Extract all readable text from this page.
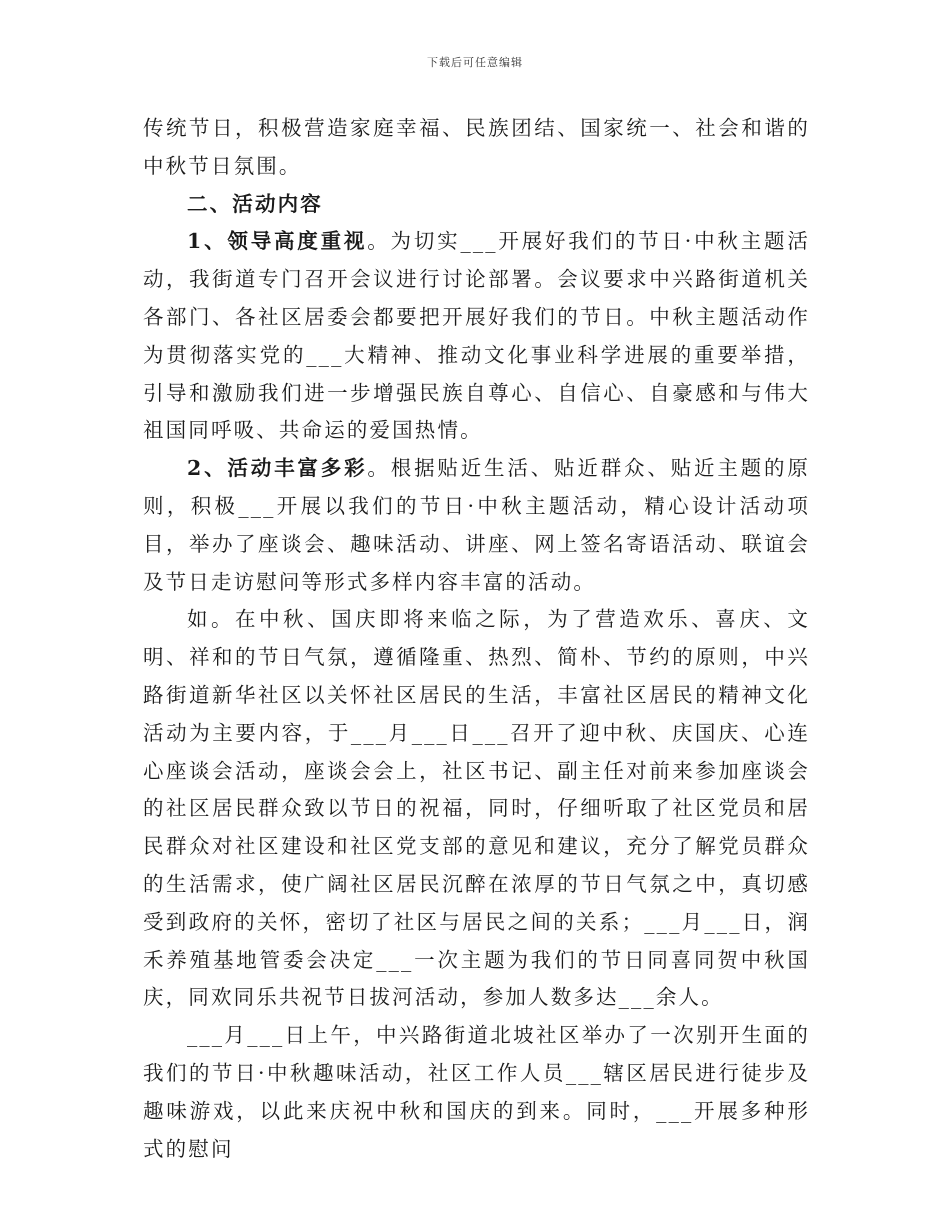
下载后可任意编辑

传统节日，积极营造家庭幸福、民族团结、国家统一、社会和谐的中秋节日氛围。

二、活动内容

1、领导高度重视。为切实___开展好我们的节日·中秋主题活动，我街道专门召开会议进行讨论部署。会议要求中兴路街道机关各部门、各社区居委会都要把开展好我们的节日。中秋主题活动作为贯彻落实党的___大精神、推动文化事业科学进展的重要举措，引导和激励我们进一步增强民族自尊心、自信心、自豪感和与伟大祖国同呼吸、共命运的爱国热情。

2、活动丰富多彩。根据贴近生活、贴近群众、贴近主题的原则，积极___开展以我们的节日·中秋主题活动，精心设计活动项目，举办了座谈会、趣味活动、讲座、网上签名寄语活动、联谊会及节日走访慰问等形式多样内容丰富的活动。

如。在中秋、国庆即将来临之际，为了营造欢乐、喜庆、文明、祥和的节日气氛，遵循隆重、热烈、简朴、节约的原则，中兴路街道新华社区以关怀社区居民的生活，丰富社区居民的精神文化活动为主要内容，于___月___日___召开了迎中秋、庆国庆、心连心座谈会活动，座谈会会上，社区书记、副主任对前来参加座谈会的社区居民群众致以节日的祝福，同时，仔细听取了社区党员和居民群众对社区建设和社区党支部的意见和建议，充分了解党员群众的生活需求，使广阔社区居民沉醉在浓厚的节日气氛之中，真切感受到政府的关怀，密切了社区与居民之间的关系；___月___日，润禾养殖基地管委会决定___一次主题为我们的节日同喜同贺中秋国庆，同欢同乐共祝节日拔河活动，参加人数多达___余人。

___月___日上午，中兴路街道北坡社区举办了一次别开生面的我们的节日·中秋趣味活动，社区工作人员___辖区居民进行徒步及趣味游戏，以此来庆祝中秋和国庆的到来。同时，___开展多种形式的慰问
